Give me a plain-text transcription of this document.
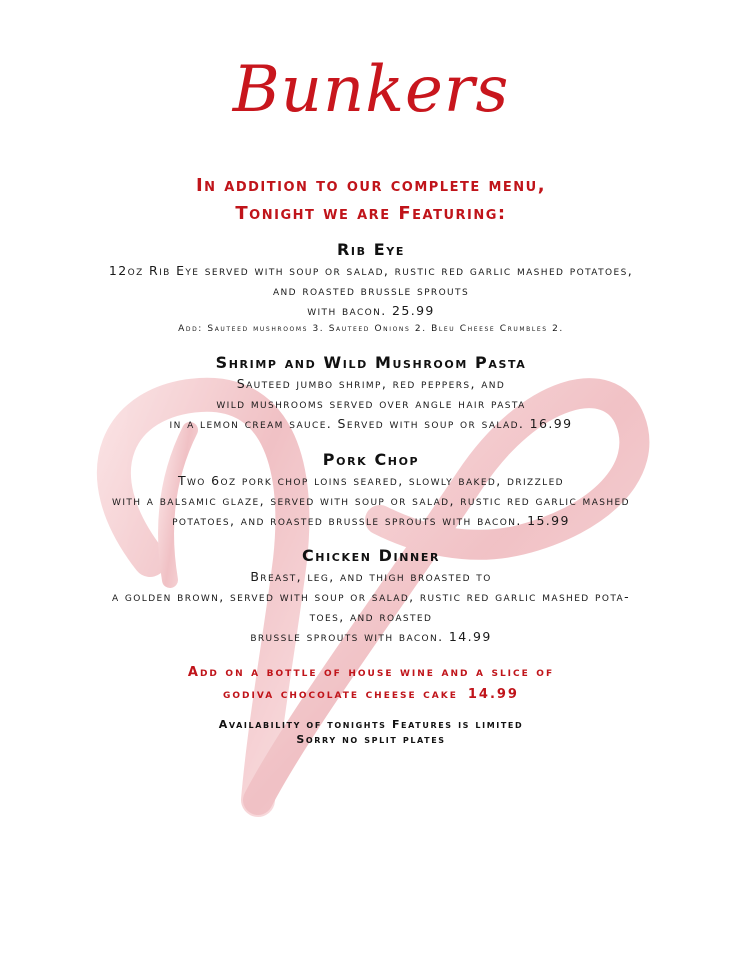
Bunkers
In addition to our complete menu,
Tonight we are Featuring:
Rib Eye
12oz Rib Eye served with soup or salad, rustic red garlic mashed potatoes,
and roasted brussle sprouts
with bacon. 25.99
Add: Sauteed mushrooms 3. Sauteed Onions 2. Bleu Cheese Crumbles 2.
Shrimp and Wild Mushroom Pasta
Sauteed jumbo shrimp, red peppers, and
wild mushrooms served over angle hair pasta
in a lemon cream sauce. Served with soup or salad. 16.99
Pork Chop
Two 6oz pork chop loins seared, slowly baked, drizzled
with a balsamic glaze, served with soup or salad, rustic red garlic mashed
potatoes, and roasted brussle sprouts with bacon. 15.99
Chicken Dinner
Breast, leg, and thigh broasted to
a golden brown, served with soup or salad, rustic red garlic mashed pota-
toes, and roasted
brussle sprouts with bacon. 14.99
Add on a bottle of house wine and a slice of
godiva chocolate cheese cake 14.99
Availability of tonights Features is limited
Sorry no split plates
